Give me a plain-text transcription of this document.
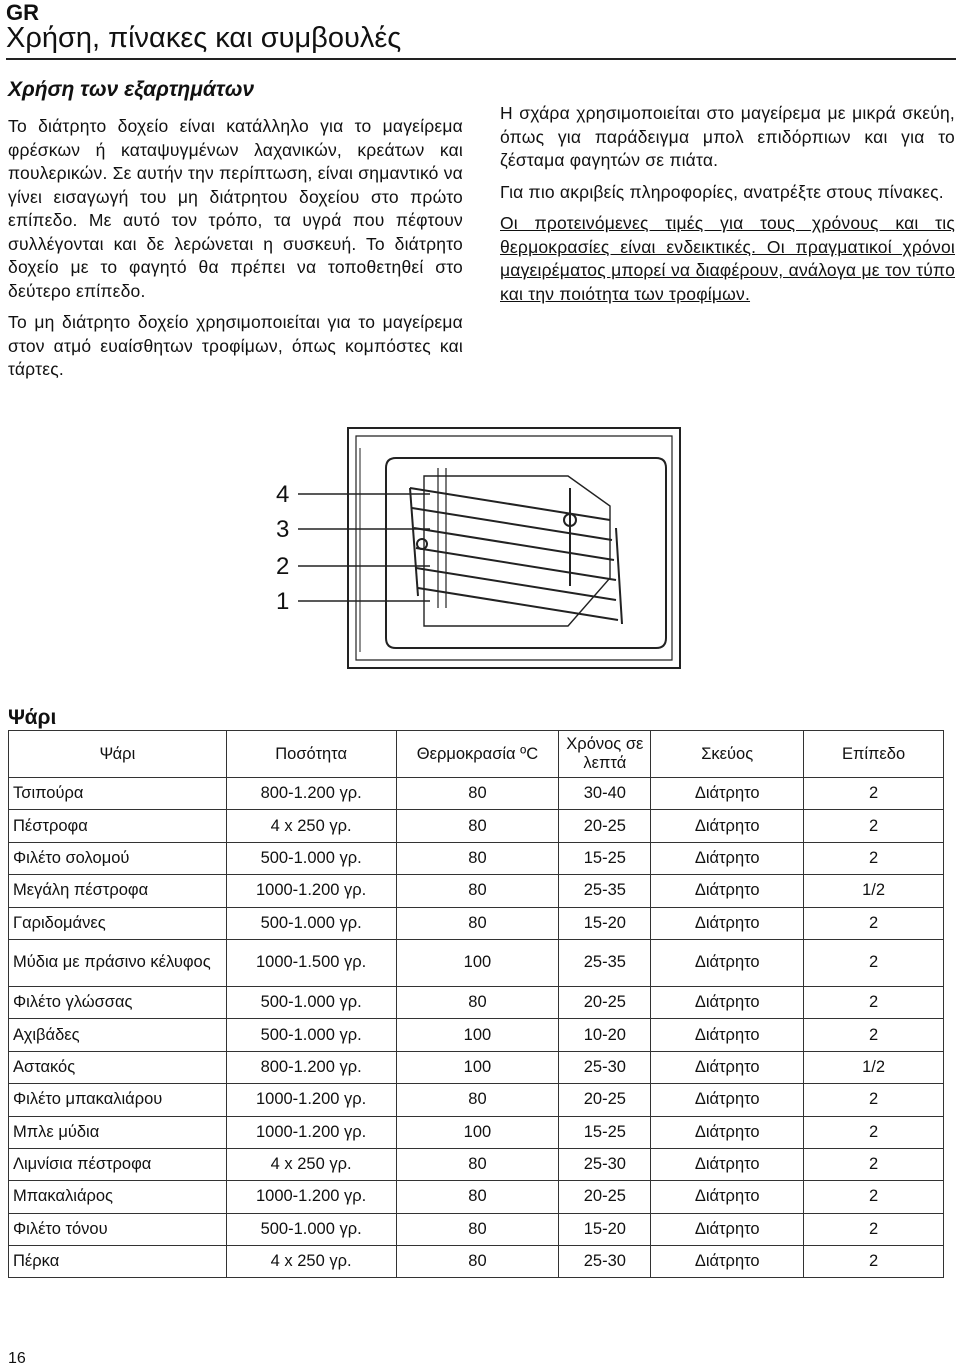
GR
Χρήση, πίνακες και συμβουλές
Χρήση των εξαρτημάτων

Το διάτρητο δοχείο είναι κατάλληλο για το μαγείρεμα φρέσκων ή καταψυγμένων λαχανικών, κρεάτων και πουλερικών. Σε αυτήν την περίπτωση, είναι σημαντικό να γίνει εισαγωγή του μη διάτρητου δοχείου στο πρώτο επίπεδο. Με αυτό τον τρόπο, τα υγρά που πέφτουν συλλέγονται και δε λερώνεται η συσκευή. Το διάτρητο δοχείο με το φαγητό θα πρέπει να τοποθετηθεί στο δεύτερο επίπεδο.

Το μη διάτρητο δοχείο χρησιμοποιείται για το μαγείρεμα στον ατμό ευαίσθητων τροφίμων, όπως κομπόστες και τάρτες.

Η σχάρα χρησιμοποιείται στο μαγείρεμα με μικρά σκεύη, όπως για παράδειγμα μπολ επιδόρπιων και για το ζέσταμα φαγητών σε πιάτα.

Για πιο ακριβείς πληροφορίες, ανατρέξτε στους πίνακες.

Οι προτεινόμενες τιμές για τους χρόνους και τις θερμοκρασίες είναι ενδεικτικές. Οι πραγματικοί χρόνοι μαγειρέματος μπορεί να διαφέρουν, ανάλογα με τον τύπο και την ποιότητα των τροφίμων.

4
3
2
1
Ψάρι
Ψάρι	Ποσότητα	Θερμοκρασία ºC	Χρόνος σε λεπτά	Σκεύος	Επίπεδο
Τσιπούρα	800-1.200 γρ.	80	30-40	Διάτρητο	2
Πέστροφα	4 x 250 γρ.	80	20-25	Διάτρητο	2
Φιλέτο σολομού	500-1.000 γρ.	80	15-25	Διάτρητο	2
Μεγάλη πέστροφα	1000-1.200 γρ.	80	25-35	Διάτρητο	1/2
Γαριδομάνες	500-1.000 γρ.	80	15-20	Διάτρητο	2
Μύδια με πράσινο κέλυφος	1000-1.500 γρ.	100	25-35	Διάτρητο	2
Φιλέτο γλώσσας	500-1.000 γρ.	80	20-25	Διάτρητο	2
Αχιβάδες	500-1.000 γρ.	100	10-20	Διάτρητο	2
Αστακός	800-1.200 γρ.	100	25-30	Διάτρητο	1/2
Φιλέτο μπακαλιάρου	1000-1.200 γρ.	80	20-25	Διάτρητο	2
Μπλε μύδια	1000-1.200 γρ.	100	15-25	Διάτρητο	2
Λιμνίσια πέστροφα	4 x 250 γρ.	80	25-30	Διάτρητο	2
Μπακαλιάρος	1000-1.200 γρ.	80	20-25	Διάτρητο	2
Φιλέτο τόνου	500-1.000 γρ.	80	15-20	Διάτρητο	2
Πέρκα	4 x 250 γρ.	80	25-30	Διάτρητο	2
16
